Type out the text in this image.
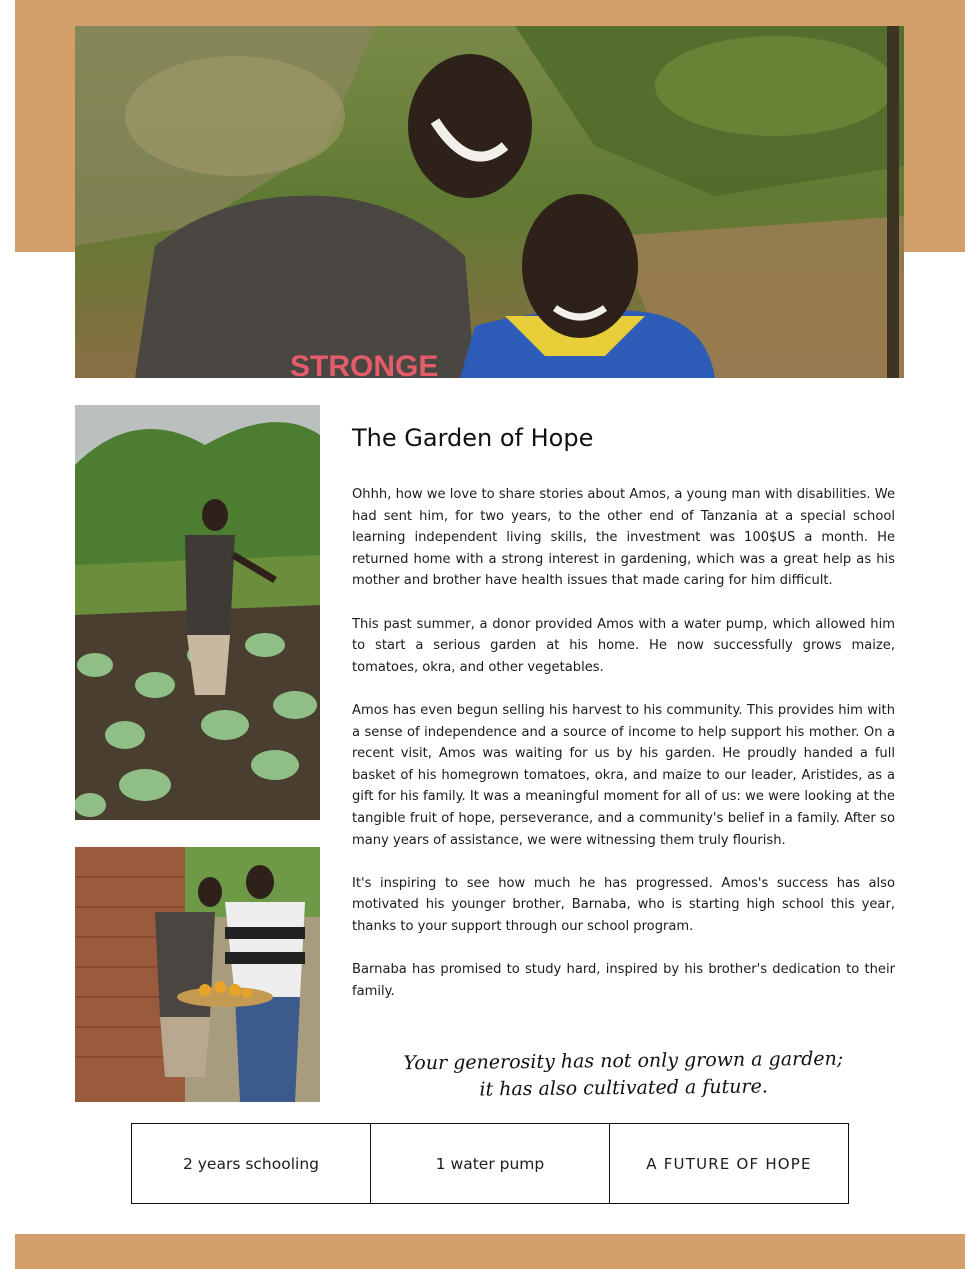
STRONGE
The Garden of Hope

Ohhh, how we love to share stories about Amos, a young man with disabilities. We had sent him, for two years, to the other end of Tanzania at a special school learning independent living skills, the investment was 100$US a month. He returned home with a strong interest in gardening, which was a great help as his mother and brother have health issues that made caring for him difficult.

This past summer, a donor provided Amos with a water pump, which allowed him to start a serious garden at his home. He now successfully grows maize, tomatoes, okra, and other vegetables.

Amos has even begun selling his harvest to his community. This provides him with a sense of independence and a source of income to help support his mother. On a recent visit, Amos was waiting for us by his garden. He proudly handed a full basket of his homegrown tomatoes, okra, and maize to our leader, Aristides, as a gift for his family. It was a meaningful moment for all of us: we were looking at the tangible fruit of hope, perseverance, and a community's belief in a family. After so many years of assistance, we were witnessing them truly flourish.

It's inspiring to see how much he has progressed. Amos's success has also motivated his younger brother, Barnaba, who is starting high school this year, thanks to your support through our school program.

Barnaba has promised to study hard, inspired by his brother's dedication to their family.

Your generosity has not only grown a garden;
it has also cultivated a future.
2 years schooling	1 water pump	A FUTURE OF HOPE
